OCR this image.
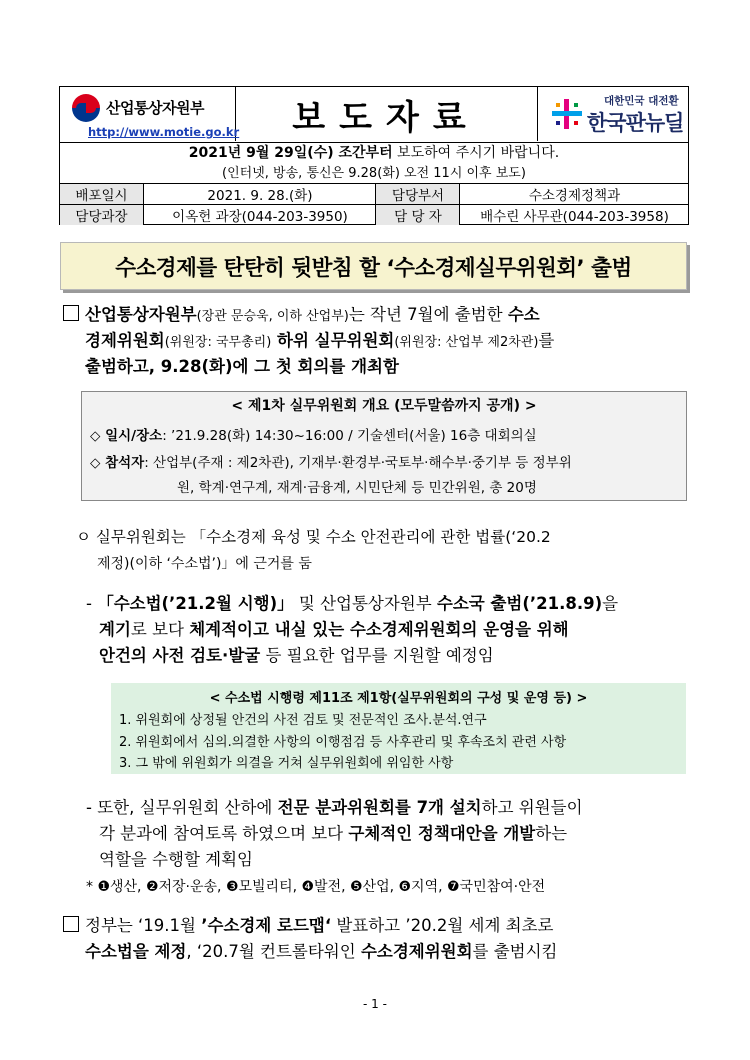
산업통상자원부
http://www.motie.go.kr	보도자료	대한민국 대전환
한국판뉴딜
2021년 9월 29일(수) 조간부터 보도하여 주시기 바랍니다.
(인터넷, 방송, 통신은 9.28(화) 오전 11시 이후 보도)
배포일시	2021. 9. 28.(화)	담당부서	수소경제정책과
담당과장	이옥헌 과장(044-203-3950)	담 당 자	배수린 사무관(044-203-3958)
수소경제를 탄탄히 뒷받침 할 ‘수소경제실무위원회’ 출범
산업통상자원부(장관 문승욱, 이하 산업부)는 작년 7월에 출범한 수소
경제위원회(위원장: 국무총리) 하위 실무위원회(위원장: 산업부 제2차관)를
출범하고, 9.28(화)에 그 첫 회의를 개최함
< 제1차 실무위원회 개요 (모두말씀까지 공개) >
◇ 일시/장소: ’21.9.28(화) 14:30~16:00 / 기술센터(서울) 16층 대회의실
◇ 참석자: 산업부(주재 : 제2차관), 기재부·환경부·국토부·해수부·중기부 등 정부위
원, 학계·연구계, 재계·금융계, 시민단체 등 민간위원, 총 20명
ㅇ 실무위원회는 「수소경제 육성 및 수소 안전관리에 관한 법률(‘20.2
제정)(이하 ‘수소법’)」에 근거를 둠
- 「수소법(’21.2월 시행)」 및 산업통상자원부 수소국 출범(’21.8.9)을
계기로 보다 체계적이고 내실 있는 수소경제위원회의 운영을 위해
안건의 사전 검토·발굴 등 필요한 업무를 지원할 예정임
< 수소법 시행령 제11조 제1항(실무위원회의 구성 및 운영 등) >
1. 위원회에 상정될 안건의 사전 검토 및 전문적인 조사.분석.연구
2. 위원회에서 심의.의결한 사항의 이행점검 등 사후관리 및 후속조치 관련 사항
3. 그 밖에 위원회가 의결을 거쳐 실무위원회에 위임한 사항
- 또한, 실무위원회 산하에 전문 분과위원회를 7개 설치하고 위원들이
각 분과에 참여토록 하였으며 보다 구체적인 정책대안을 개발하는
역할을 수행할 계획임
* ❶생산, ❷저장·운송, ❸모빌리티, ❹발전, ❺산업, ❻지역, ❼국민참여·안전
정부는 ‘19.1월 ’수소경제 로드맵‘ 발표하고 ’20.2월 세계 최초로
수소법을 제정, ‘20.7월 컨트롤타워인 수소경제위원회를 출범시킴
- 1 -
